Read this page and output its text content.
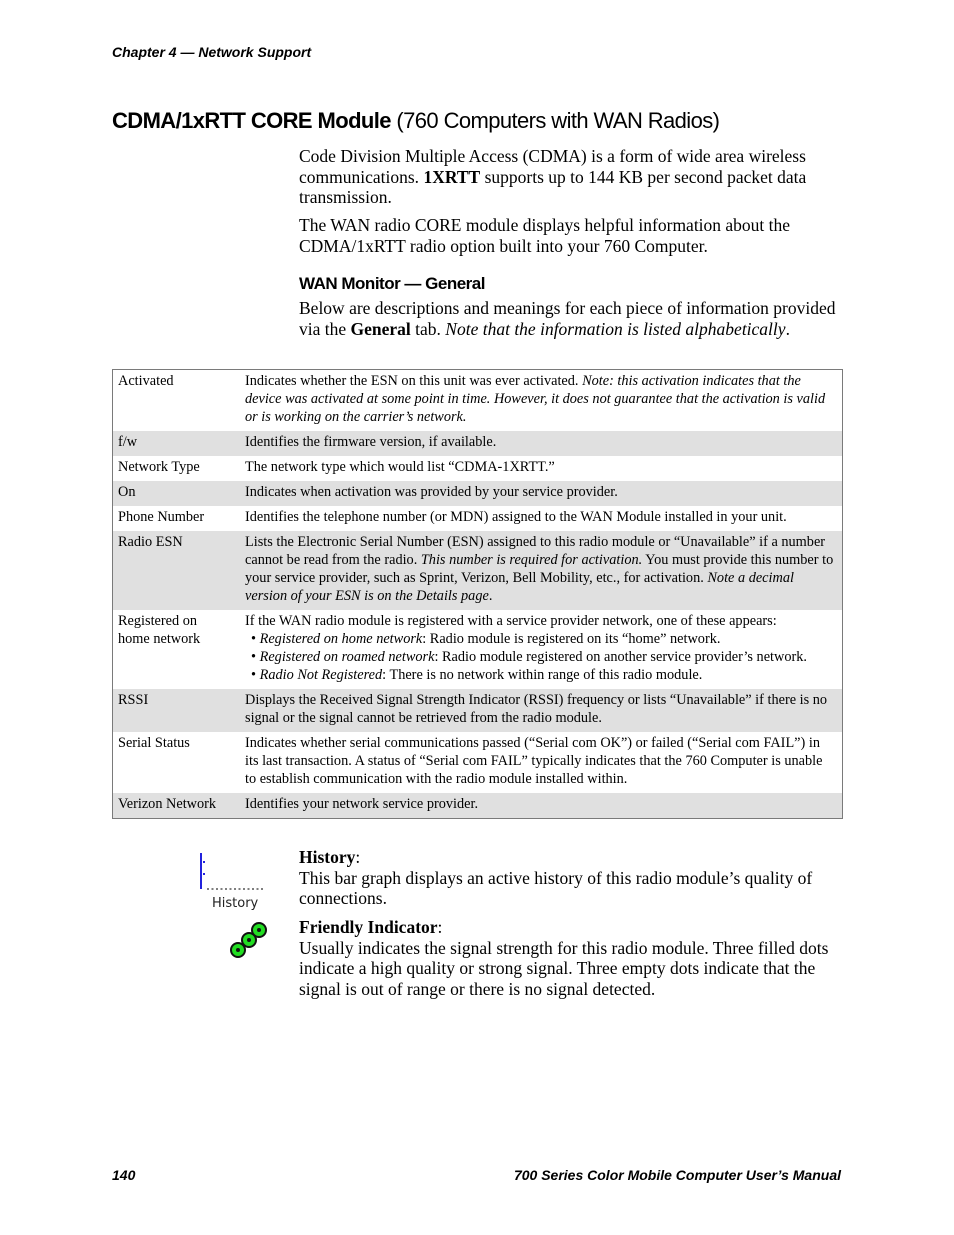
Chapter 4 — Network Support
CDMA/1xRTT CORE Module (760 Computers with WAN Radios)
Code Division Multiple Access (CDMA) is a form of wide area wireless communications. 1XRTT supports up to 144 KB per second packet data transmission.
The WAN radio CORE module displays helpful information about the CDMA/1xRTT radio option built into your 760 Computer.
WAN Monitor — General
Below are descriptions and meanings for each piece of information provided via the General tab. Note that the information is listed alphabetically.
Activated	Indicates whether the ESN on this unit was ever activated. Note: this activation indicates that the device was activated at some point in time. However, it does not guarantee that the activation is valid or is working on the carrier’s network.
f/w	Identifies the firmware version, if available.
Network Type	The network type which would list “CDMA-1XRTT.”
On	Indicates when activation was provided by your service provider.
Phone Number	Identifies the telephone number (or MDN) assigned to the WAN Module installed in your unit.
Radio ESN	Lists the Electronic Serial Number (ESN) assigned to this radio module or “Unavailable” if a number cannot be read from the radio. This number is required for activation. You must provide this number to your service provider, such as Sprint, Verizon, Bell Mobility, etc., for activation. Note a decimal version of your ESN is on the Details page.
Registered on home network	If the WAN radio module is registered with a service provider network, one of these appears:
• Registered on home network: Radio module is registered on its “home” network.
• Registered on roamed network: Radio module registered on another service provider’s network.
• Radio Not Registered: There is no network within range of this radio module.

RSSI	Displays the Received Signal Strength Indicator (RSSI) frequency or lists “Unavailable” if there is no signal or the signal cannot be retrieved from the radio module.
Serial Status	Indicates whether serial communications passed (“Serial com OK”) or failed (“Serial com FAIL”) in its last transaction. A status of “Serial com FAIL” typically indicates that the 760 Computer is unable to establish communication with the radio module installed within.
Verizon Network	Identifies your network service provider.
History
History:
This bar graph displays an active history of this radio module’s quality of connections.
Friendly Indicator:
Usually indicates the signal strength for this radio module. Three filled dots indicate a high quality or strong signal. Three empty dots indicate that the signal is out of range or there is no signal detected.
140	700 Series Color Mobile Computer User’s Manual
